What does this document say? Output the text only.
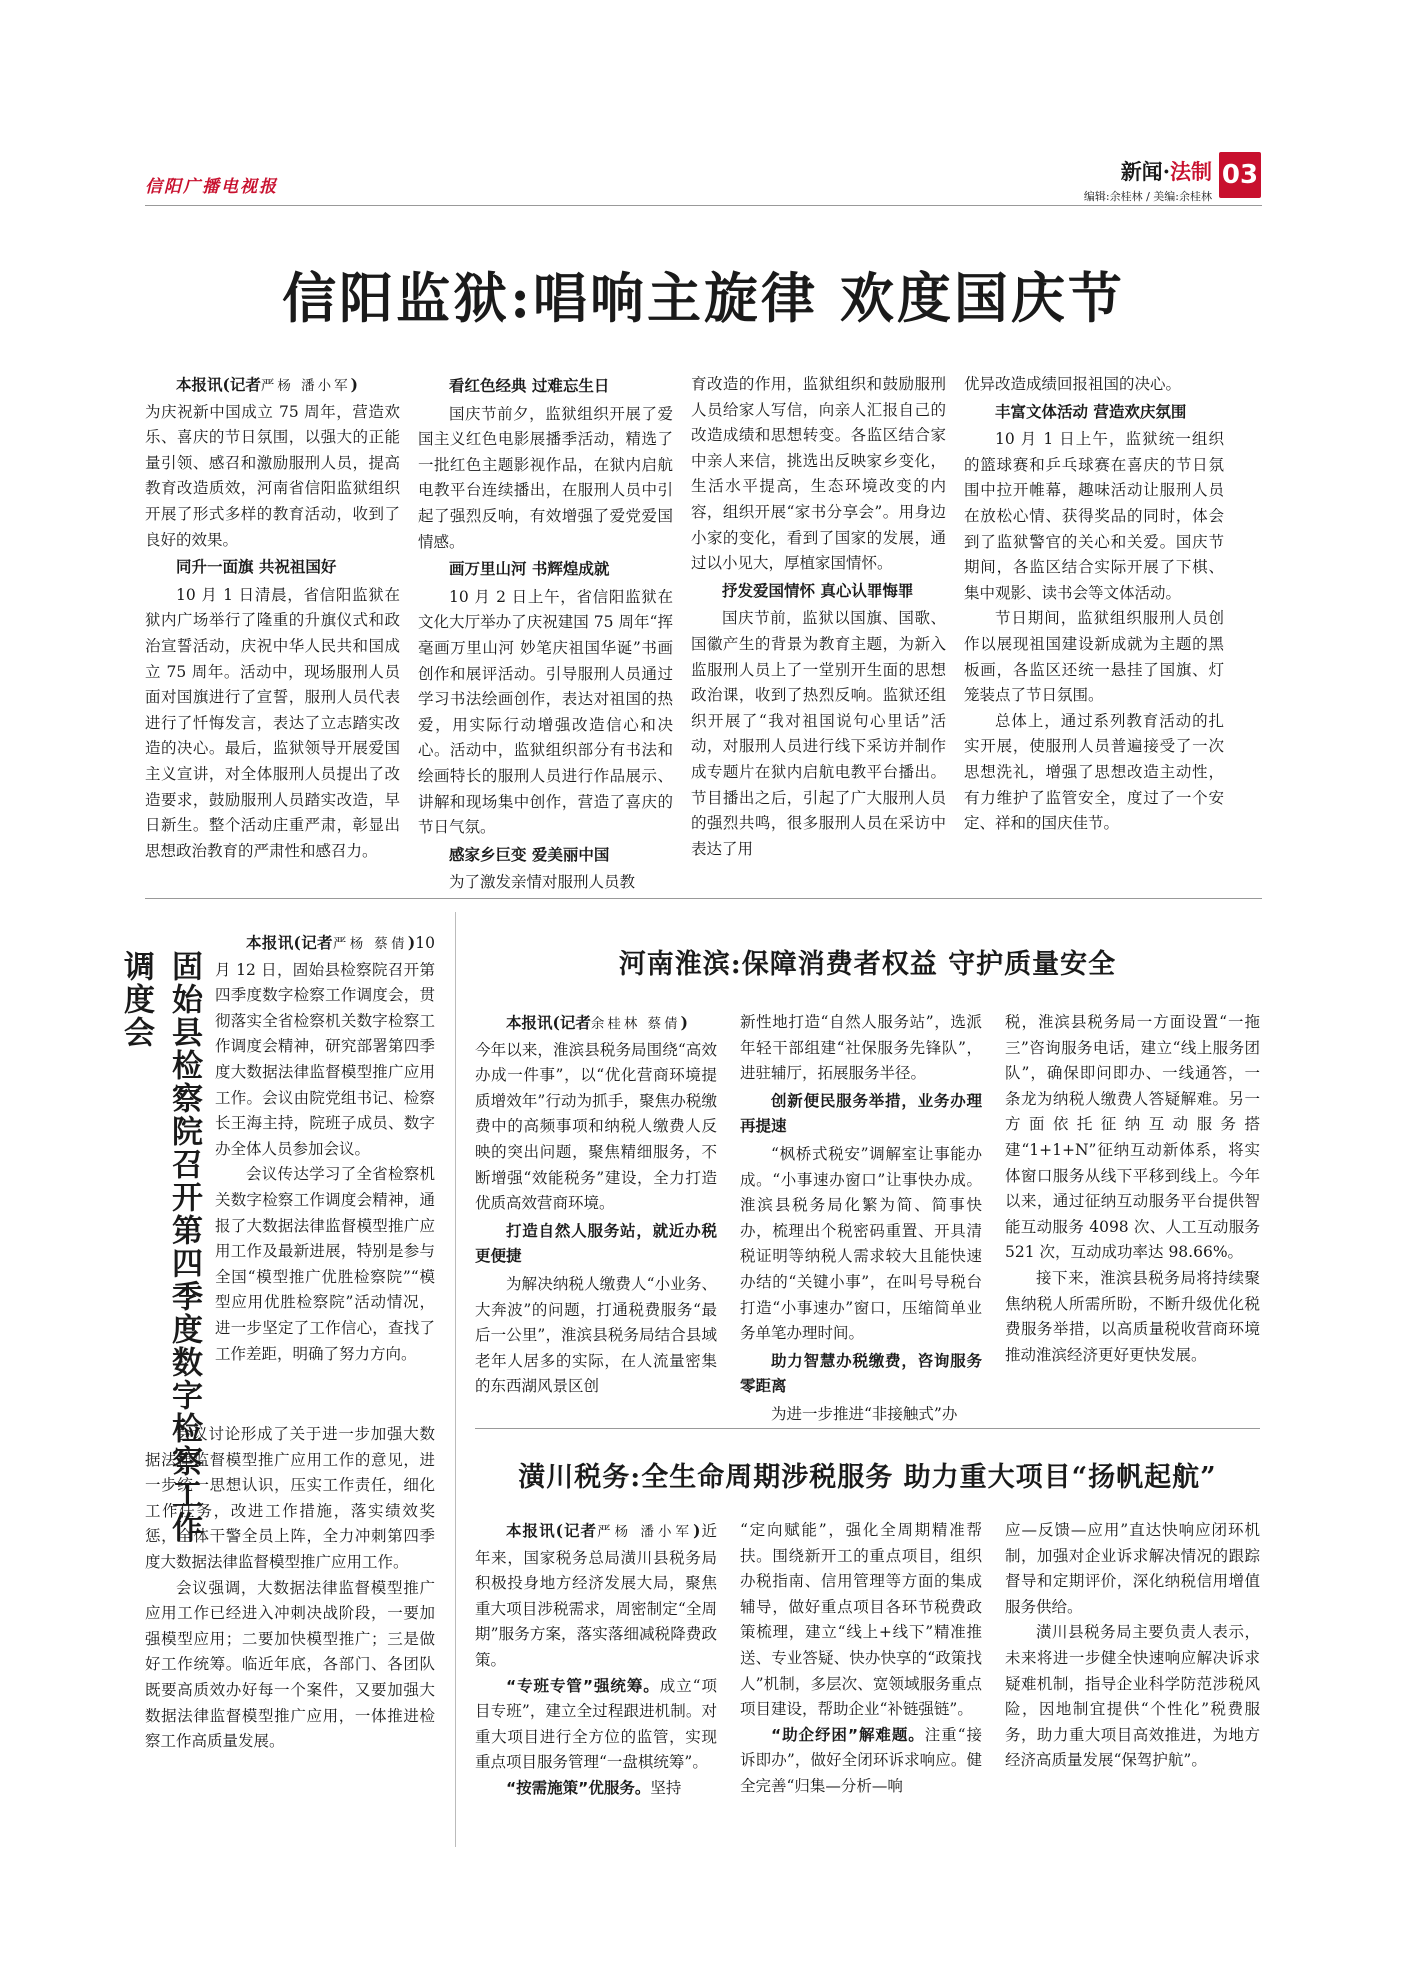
信阳广播电视报
新闻·法制
编辑:余桂林 / 美编:余桂林
03
信阳监狱:唱响主旋律 欢度国庆节

本报讯(记者严杨 潘小军)

为庆祝新中国成立 75 周年，营造欢乐、喜庆的节日氛围，以强大的正能量引领、感召和激励服刑人员，提高教育改造质效，河南省信阳监狱组织开展了形式多样的教育活动，收到了良好的效果。

同升一面旗 共祝祖国好

10 月 1 日清晨，省信阳监狱在狱内广场举行了隆重的升旗仪式和政治宣誓活动，庆祝中华人民共和国成立 75 周年。活动中，现场服刑人员面对国旗进行了宣誓，服刑人员代表进行了忏悔发言，表达了立志踏实改造的决心。最后，监狱领导开展爱国主义宣讲，对全体服刑人员提出了改造要求，鼓励服刑人员踏实改造，早日新生。整个活动庄重严肃，彰显出思想政治教育的严肃性和感召力。

看红色经典 过难忘生日

国庆节前夕，监狱组织开展了爱国主义红色电影展播季活动，精选了一批红色主题影视作品，在狱内启航电教平台连续播出，在服刑人员中引起了强烈反响，有效增强了爱党爱国情感。

画万里山河 书辉煌成就

10 月 2 日上午，省信阳监狱在文化大厅举办了庆祝建国 75 周年“挥毫画万里山河 妙笔庆祖国华诞”书画创作和展评活动。引导服刑人员通过学习书法绘画创作，表达对祖国的热爱，用实际行动增强改造信心和决心。活动中，监狱组织部分有书法和绘画特长的服刑人员进行作品展示、讲解和现场集中创作，营造了喜庆的节日气氛。

感家乡巨变 爱美丽中国

为了激发亲情对服刑人员教

育改造的作用，监狱组织和鼓励服刑人员给家人写信，向亲人汇报自己的改造成绩和思想转变。各监区结合家中亲人来信，挑选出反映家乡变化，生活水平提高，生态环境改变的内容，组织开展“家书分享会”。用身边小家的变化，看到了国家的发展，通过以小见大，厚植家国情怀。

抒发爱国情怀 真心认罪悔罪

国庆节前，监狱以国旗、国歌、国徽产生的背景为教育主题，为新入监服刑人员上了一堂别开生面的思想政治课，收到了热烈反响。监狱还组织开展了“我对祖国说句心里话”活动，对服刑人员进行线下采访并制作成专题片在狱内启航电教平台播出。节目播出之后，引起了广大服刑人员的强烈共鸣，很多服刑人员在采访中表达了用

优异改造成绩回报祖国的决心。

丰富文体活动 营造欢庆氛围

10 月 1 日上午，监狱统一组织的篮球赛和乒乓球赛在喜庆的节日氛围中拉开帷幕，趣味活动让服刑人员在放松心情、获得奖品的同时，体会到了监狱警官的关心和关爱。国庆节期间，各监区结合实际开展了下棋、集中观影、读书会等文体活动。

节日期间，监狱组织服刑人员创作以展现祖国建设新成就为主题的黑板画，各监区还统一悬挂了国旗、灯笼装点了节日氛围。

总体上，通过系列教育活动的扎实开展，使服刑人员普遍接受了一次思想洗礼，增强了思想改造主动性，有力维护了监管安全，度过了一个安定、祥和的国庆佳节。

固始县检察院召开第四季度数字检察工作调度会

本报讯(记者严杨 蔡倩)10 月 12 日，固始县检察院召开第四季度数字检察工作调度会，贯彻落实全省检察机关数字检察工作调度会精神，研究部署第四季度大数据法律监督模型推广应用工作。会议由院党组书记、检察长王海主持，院班子成员、数字办全体人员参加会议。

会议传达学习了全省检察机关数字检察工作调度会精神，通报了大数据法律监督模型推广应用工作及最新进展，特别是参与全国“模型推广优胜检察院”“模型应用优胜检察院”活动情况，进一步坚定了工作信心，查找了工作差距，明确了努力方向。

会议讨论形成了关于进一步加强大数据法律监督模型推广应用工作的意见，进一步统一思想认识，压实工作责任，细化工作任务，改进工作措施，落实绩效奖惩，全体干警全员上阵，全力冲刺第四季度大数据法律监督模型推广应用工作。

会议强调，大数据法律监督模型推广应用工作已经进入冲刺决战阶段，一要加强模型应用；二要加快模型推广；三是做好工作统筹。临近年底，各部门、各团队既要高质效办好每一个案件，又要加强大数据法律监督模型推广应用，一体推进检察工作高质量发展。

河南淮滨:保障消费者权益 守护质量安全

本报讯(记者余桂林 蔡倩)

今年以来，淮滨县税务局围绕“高效办成一件事”，以“优化营商环境提质增效年”行动为抓手，聚焦办税缴费中的高频事项和纳税人缴费人反映的突出问题，聚焦精细服务，不断增强“效能税务”建设，全力打造优质高效营商环境。

打造自然人服务站，就近办税更便捷

为解决纳税人缴费人“小业务、大奔波”的问题，打通税费服务“最后一公里”，淮滨县税务局结合县域老年人居多的实际，在人流量密集的东西湖风景区创

新性地打造“自然人服务站”，选派年轻干部组建“社保服务先锋队”，进驻辅厅，拓展服务半径。

创新便民服务举措，业务办理再提速

“枫桥式税安”调解室让事能办成。“小事速办窗口”让事快办成。淮滨县税务局化繁为简、简事快办，梳理出个税密码重置、开具清税证明等纳税人需求较大且能快速办结的“关键小事”，在叫号导税台打造“小事速办”窗口，压缩简单业务单笔办理时间。

助力智慧办税缴费，咨询服务零距离

为进一步推进“非接触式”办

税，淮滨县税务局一方面设置“一拖三”咨询服务电话，建立“线上服务团队”，确保即问即办、一线通答，一条龙为纳税人缴费人答疑解难。另一方面依托征纳互动服务搭建“1+1+N”征纳互动新体系，将实体窗口服务从线下平移到线上。今年以来，通过征纳互动服务平台提供智能互动服务 4098 次、人工互动服务 521 次，互动成功率达 98.66%。

接下来，淮滨县税务局将持续聚焦纳税人所需所盼，不断升级优化税费服务举措，以高质量税收营商环境推动淮滨经济更好更快发展。

潢川税务:全生命周期涉税服务 助力重大项目“扬帆起航”

本报讯(记者严杨 潘小军)近年来，国家税务总局潢川县税务局积极投身地方经济发展大局，聚焦重大项目涉税需求，周密制定“全周期”服务方案，落实落细减税降费政策。

“专班专管”强统筹。成立“项目专班”，建立全过程跟进机制。对重大项目进行全方位的监管，实现重点项目服务管理“一盘棋统筹”。

“按需施策”优服务。坚持

“定向赋能”，强化全周期精准帮扶。围绕新开工的重点项目，组织办税指南、信用管理等方面的集成辅导，做好重点项目各环节税费政策梳理，建立“线上+线下”精准推送、专业答疑、快办快享的“政策找人”机制，多层次、宽领域服务重点项目建设，帮助企业“补链强链”。

“助企纾困”解难题。注重“接诉即办”，做好全闭环诉求响应。健全完善“归集—分析—响

应—反馈—应用”直达快响应闭环机制，加强对企业诉求解决情况的跟踪督导和定期评价，深化纳税信用增值服务供给。

潢川县税务局主要负责人表示，未来将进一步健全快速响应解决诉求疑难机制，指导企业科学防范涉税风险，因地制宜提供“个性化”税费服务，助力重大项目高效推进，为地方经济高质量发展“保驾护航”。
